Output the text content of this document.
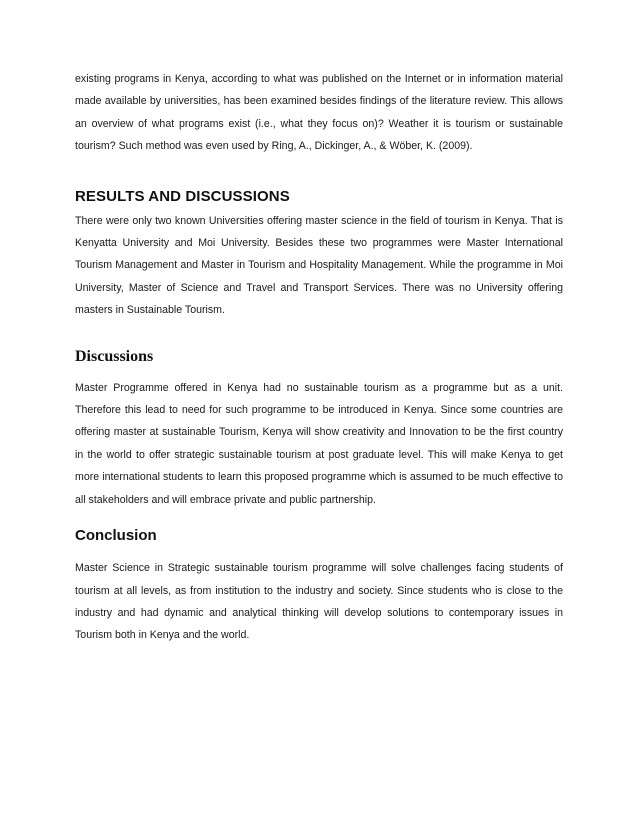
existing programs in Kenya, according to what was published on the Internet or in information material made available by universities, has been examined besides findings of the literature review. This allows an overview of what programs exist (i.e., what they focus on)? Weather it is tourism or sustainable tourism? Such method was even used by Ring, A., Dickinger, A., & Wöber, K. (2009).

RESULTS AND DISCUSSIONS

There were only two known Universities offering master science in the field of tourism in Kenya. That is Kenyatta University and Moi University. Besides these two programmes were Master International Tourism Management and Master in Tourism and Hospitality Management. While the programme in Moi University, Master of Science and Travel and Transport Services. There was no University offering masters in Sustainable Tourism.

Discussions

Master Programme offered in Kenya had no sustainable tourism as a programme but as a unit. Therefore this lead to need for such programme to be introduced in Kenya. Since some countries are offering master at sustainable Tourism, Kenya will show creativity and Innovation to be the first country in the world to offer strategic sustainable tourism at post graduate level. This will make Kenya to get more international students to learn this proposed programme which is assumed to be much effective to all stakeholders and will embrace private and public partnership.

Conclusion

Master Science in Strategic sustainable tourism programme will solve challenges facing students of tourism at all levels, as from institution to the industry and society. Since students who is close to the industry and had dynamic and analytical thinking will develop solutions to contemporary issues in Tourism both in Kenya and the world.
